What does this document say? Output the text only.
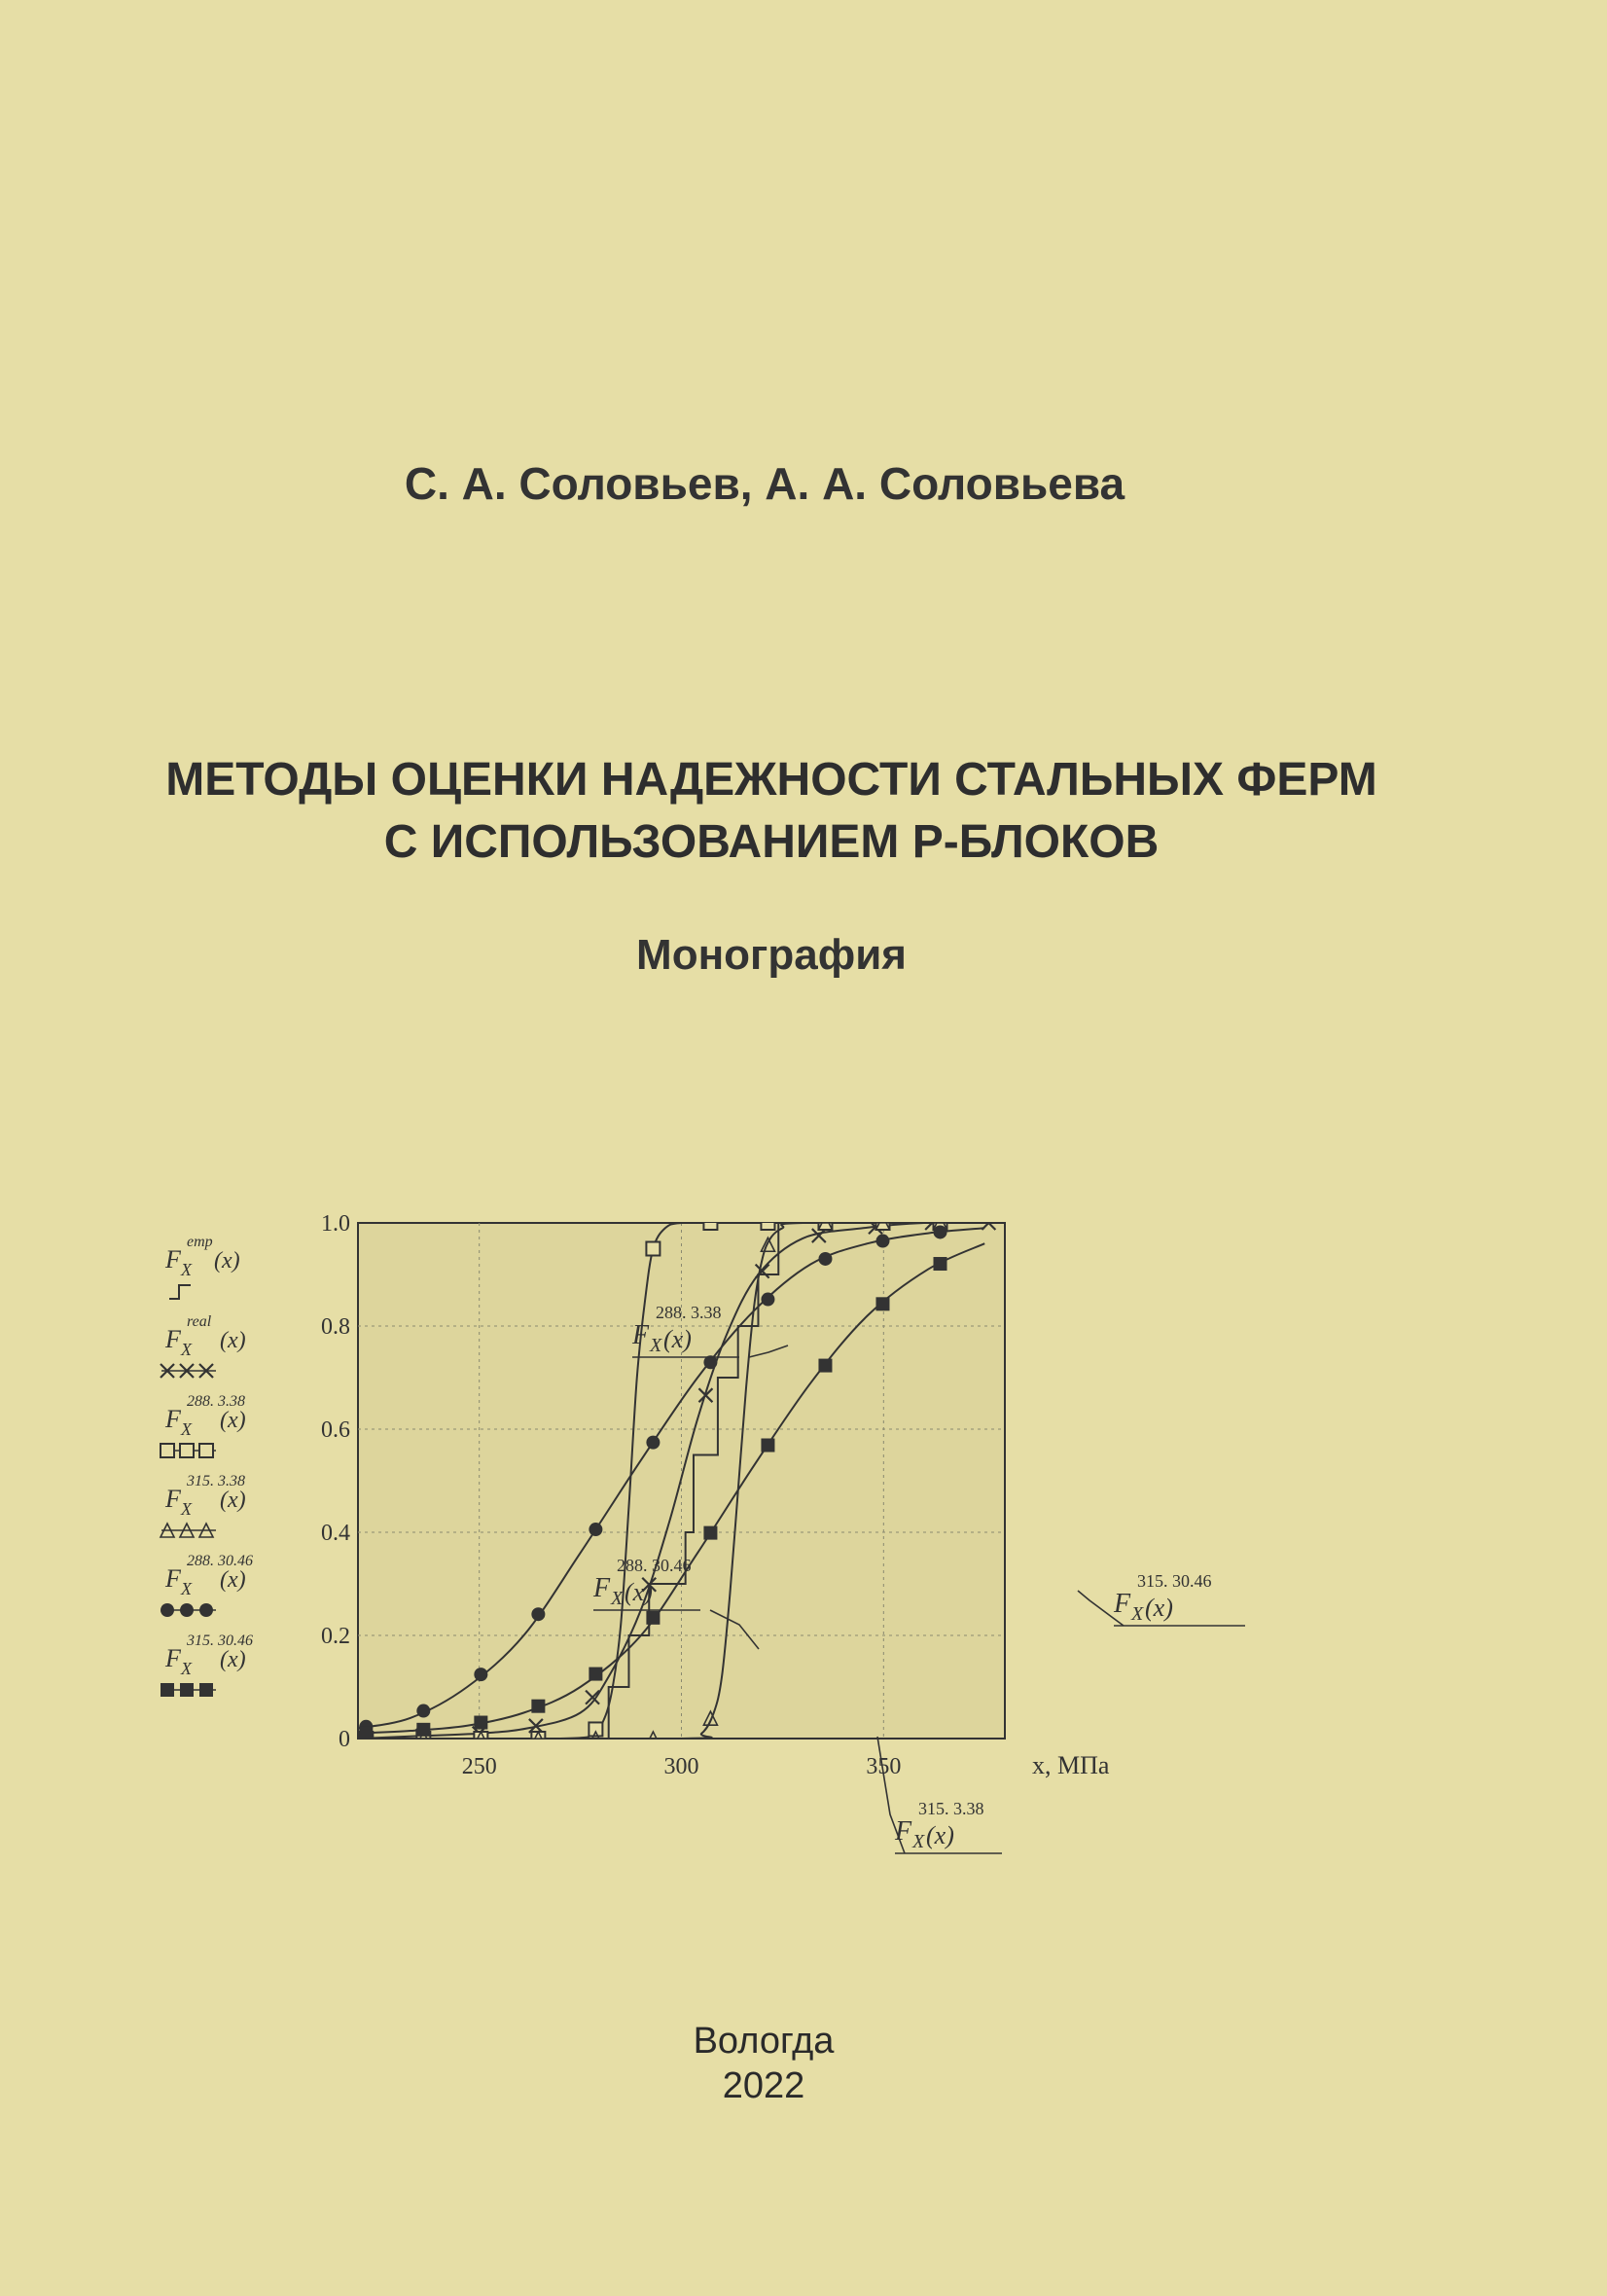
С. А. Соловьев, А. А. Соловьева
МЕТОДЫ ОЦЕНКИ НАДЕЖНОСТИ СТАЛЬНЫХ ФЕРМ
С ИСПОЛЬЗОВАНИЕМ Р-БЛОКОВ
Монография
0
0.2
0.4
0.6
0.8
1.0
250	300	350	x, МПа
F X (x)
288. 3.38
F X (x)
288. 30.46
F X (x)
315. 3.38
F X (x)
315. 30.46
F X
emp
(x)
F X
real
(x)
F X
288. 3.38
(x)
F X
315. 3.38
(x)
F X
288. 30.46
(x)
F X
315. 30.46
(x)
Вологда
2022
